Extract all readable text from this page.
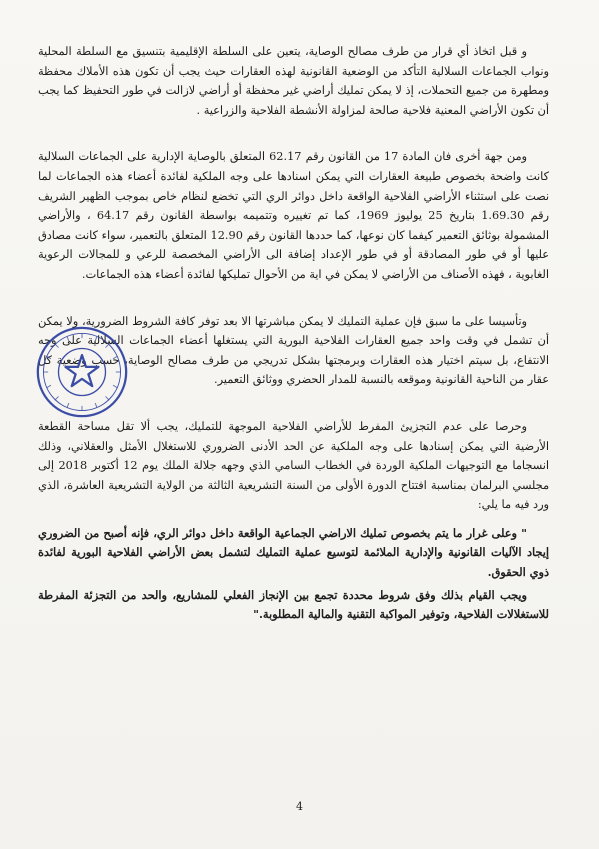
و قبل اتخاذ أي قرار من طرف مصالح الوصاية، يتعين على السلطة الإقليمية بتنسيق مع السلطة المحلية ونواب الجماعات السلالية التأكد من الوضعية القانونية لهذه العقارات حيث يجب أن تكون هذه الأملاك محفظة ومطهرة من جميع التحملات، إذ لا يمكن تمليك أراضي غير محفظة أو أراضي لازالت في طور التحفيظ كما يجب أن تكون الأراضي المعنية فلاحية صالحة لمزاولة الأنشطة الفلاحية والزراعية .

ومن جهة أخرى فان المادة 17 من القانون رقم 62.17 المتعلق بالوصاية الإدارية على الجماعات السلالية كانت واضحة بخصوص طبيعة العقارات التي يمكن اسنادها على وجه الملكية لفائدة أعضاء هذه الجماعات لما نصت على استثناء الأراضي الفلاحية الواقعة داخل دوائر الري التي تخضع لنظام خاص بموجب الظهير الشريف رقم 1.69.30 بتاريخ 25 يوليوز 1969، كما تم تغييره وتتميمه بواسطة القانون رقم 64.17 ، والأراضي المشمولة بوثائق التعمير كيفما كان نوعها، كما حددها القانون رقم 12.90 المتعلق بالتعمير، سواء كانت مصادق عليها أو في طور المصادقة أو في طور الإعداد إضافة الى الأراضي المخصصة للرعي و للمجالات الرعوية الغابوية ، فهذه الأصناف من الأراضي لا يمكن في اية من الأحوال تمليكها لفائدة أعضاء هذه الجماعات.

وتأسيسا على ما سبق فإن عملية التمليك لا يمكن مباشرتها الا بعد توفر كافة الشروط الضرورية، ولا يمكن أن تشمل في وقت واحد جميع العقارات الفلاحية البورية التي يستغلها أعضاء الجماعات السلالية على وجه الانتفاع، بل سيتم اختيار هذه العقارات وبرمجتها بشكل تدريجي من طرف مصالح الوصاية، حسب وضعية كل عقار من الناحية القانونية وموقعه بالنسبة للمدار الحضري ووثائق التعمير.

وحرصا على عدم التجزيئ المفرط للأراضي الفلاحية الموجهة للتمليك، يجب ألا تقل مساحة القطعة الأرضية التي يمكن إسنادها على وجه الملكية عن الحد الأدنى الضروري للاستغلال الأمثل والعقلاني، وذلك انسجاما مع التوجيهات الملكية الوردة في الخطاب السامي الذي وجهه جلالة الملك يوم 12 أكتوبر 2018 إلى مجلسي البرلمان بمناسبة افتتاح الدورة الأولى من السنة التشريعية الثالثة من الولاية التشريعية العاشرة، الذي ورد فيه ما يلي:

" وعلى غرار ما يتم بخصوص تمليك الاراضي الجماعية الواقعة داخل دوائر الري، فإنه أصبح من الضروري إيجاد الآليات القانونية والإدارية الملائمة لتوسيع عملية التمليك لتشمل بعض الأراضي الفلاحية البورية لفائدة ذوي الحقوق.

ويجب القيام بذلك وفق شروط محددة تجمع بين الإنجاز الفعلي للمشاريع، والحد من التجزئة المفرطة للاستغلالات الفلاحية، وتوفير المواكبة التقنية والمالية المطلوبة."

4
